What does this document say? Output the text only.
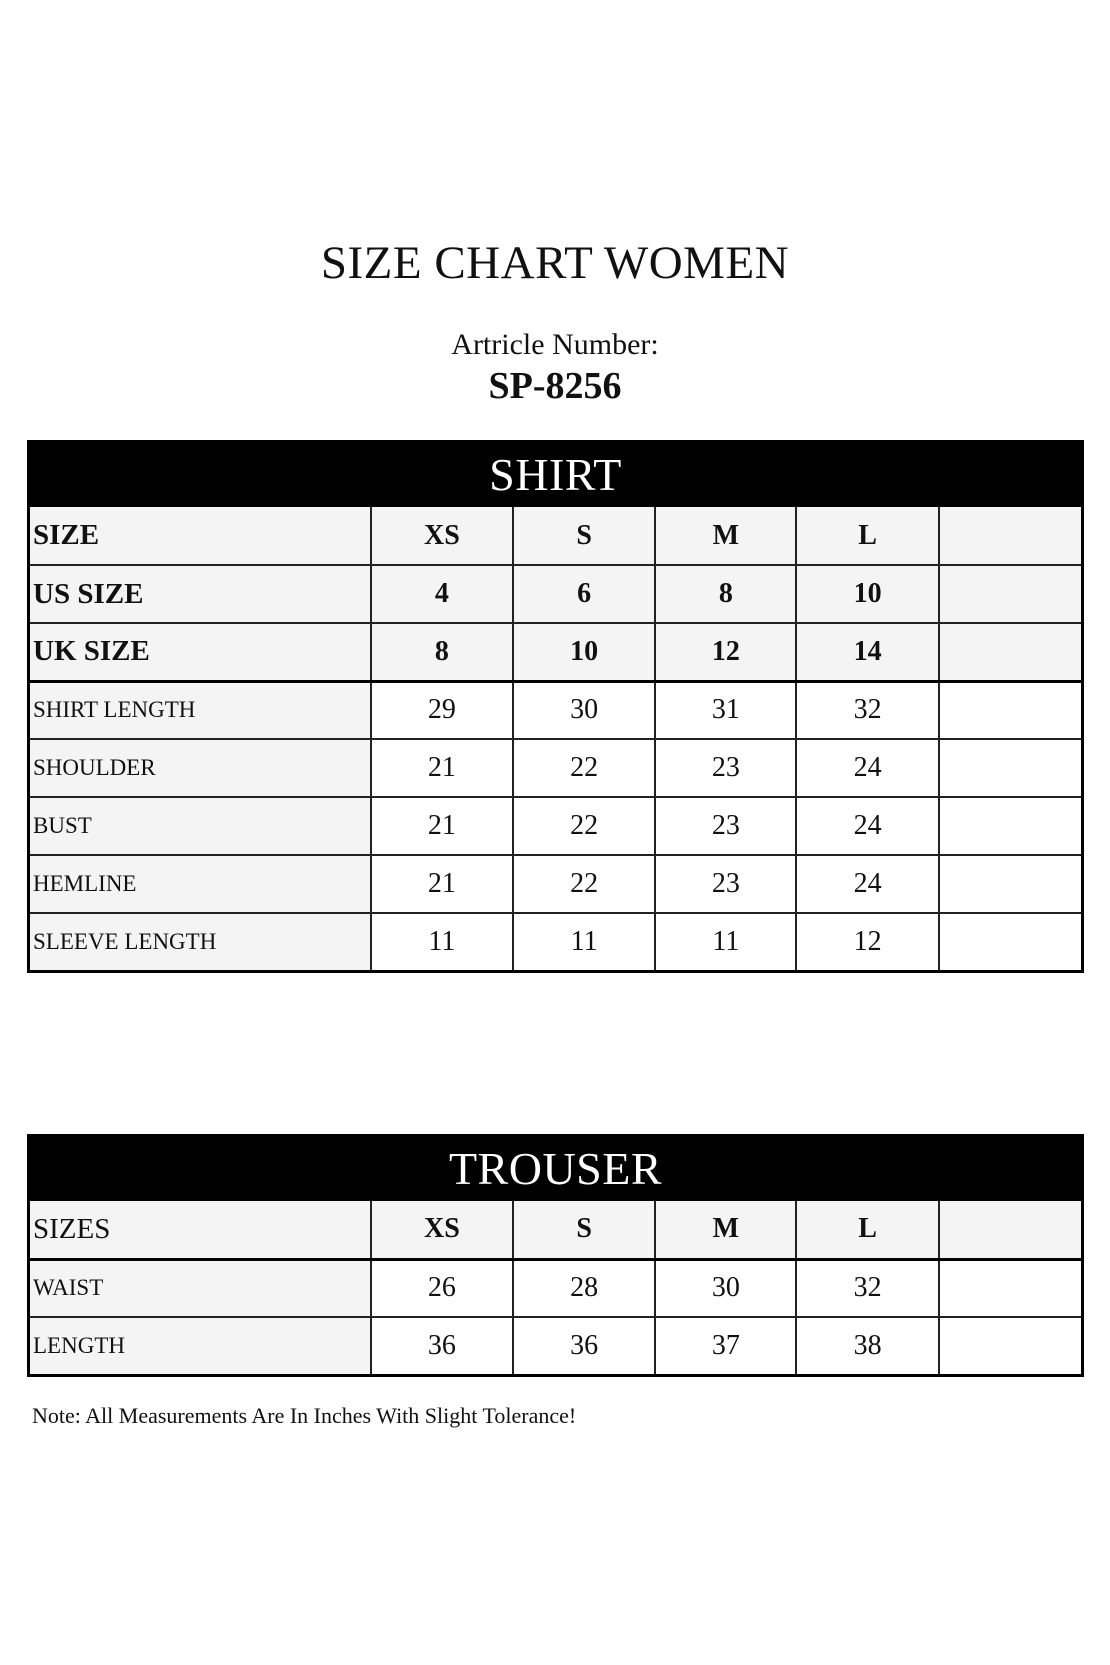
SIZE CHART WOMEN
Artricle Number:
SP-8256
SHIRT
SIZE	XS	S	M	L	
US SIZE	4	6	8	10	
UK SIZE	8	10	12	14	
SHIRT LENGTH	29	30	31	32	
SHOULDER	21	22	23	24	
BUST	21	22	23	24	
HEMLINE	21	22	23	24	
SLEEVE LENGTH	11	11	11	12	
TROUSER
SIZES	XS	S	M	L	
WAIST	26	28	30	32	
LENGTH	36	36	37	38	
Note: All Measurements Are In Inches With Slight Tolerance!
